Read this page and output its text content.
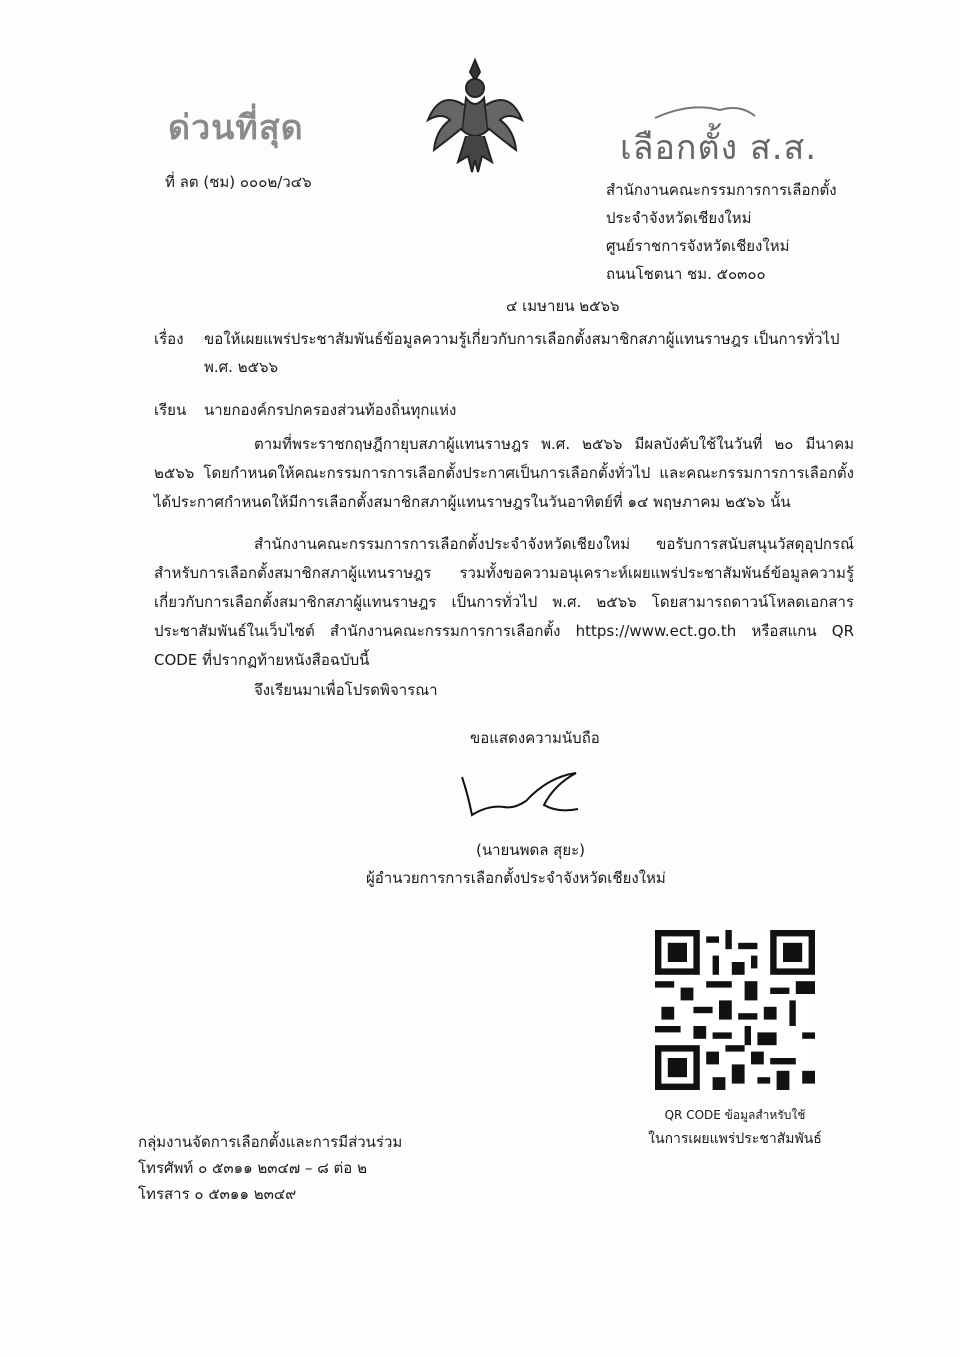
ด่วนที่สุด
ที่ ลต (ชม) ๐๐๐๒/ว๔๖
เลือกตั้ง ส.ส.
สำนักงานคณะกรรมการการเลือกตั้ง
ประจำจังหวัดเชียงใหม่
ศูนย์ราชการจังหวัดเชียงใหม่
ถนนโชตนา ชม. ๕๐๓๐๐
๔ เมษายน ๒๕๖๖
เรื่อง ขอให้เผยแพร่ประชาสัมพันธ์ข้อมูลความรู้เกี่ยวกับการเลือกตั้งสมาชิกสภาผู้แทนราษฎร เป็นการทั่วไป
พ.ศ. ๒๕๖๖
เรียน นายกองค์กรปกครองส่วนท้องถิ่นทุกแห่ง
ตามที่พระราชกฤษฎีกายุบสภาผู้แทนราษฎร พ.ศ. ๒๕๖๖ มีผลบังคับใช้ในวันที่ ๒๐ มีนาคม ๒๕๖๖ โดยกำหนดให้คณะกรรมการการเลือกตั้งประกาศเป็นการเลือกตั้งทั่วไป และคณะกรรมการการเลือกตั้งได้ประกาศกำหนดให้มีการเลือกตั้งสมาชิกสภาผู้แทนราษฎรในวันอาทิตย์ที่ ๑๔ พฤษภาคม ๒๕๖๖ นั้น
สำนักงานคณะกรรมการการเลือกตั้งประจำจังหวัดเชียงใหม่ ขอรับการสนับสนุนวัสดุอุปกรณ์สำหรับการเลือกตั้งสมาชิกสภาผู้แทนราษฎร รวมทั้งขอความอนุเคราะห์เผยแพร่ประชาสัมพันธ์ข้อมูลความรู้เกี่ยวกับการเลือกตั้งสมาชิกสภาผู้แทนราษฎร เป็นการทั่วไป พ.ศ. ๒๕๖๖ โดยสามารถดาวน์โหลดเอกสารประชาสัมพันธ์ในเว็บไซต์ สำนักงานคณะกรรมการการเลือกตั้ง https://www.ect.go.th หรือสแกน QR CODE ที่ปรากฏท้ายหนังสือฉบับนี้
จึงเรียนมาเพื่อโปรดพิจารณา
ขอแสดงความนับถือ
(นายนพดล สุยะ)
ผู้อำนวยการการเลือกตั้งประจำจังหวัดเชียงใหม่
QR CODE ข้อมูลสำหรับใช้
ในการเผยแพร่ประชาสัมพันธ์
กลุ่มงานจัดการเลือกตั้งและการมีส่วนร่วม
โทรศัพท์ ๐ ๕๓๑๑ ๒๓๔๗ – ๘ ต่อ ๒
โทรสาร ๐ ๕๓๑๑ ๒๓๔๙
